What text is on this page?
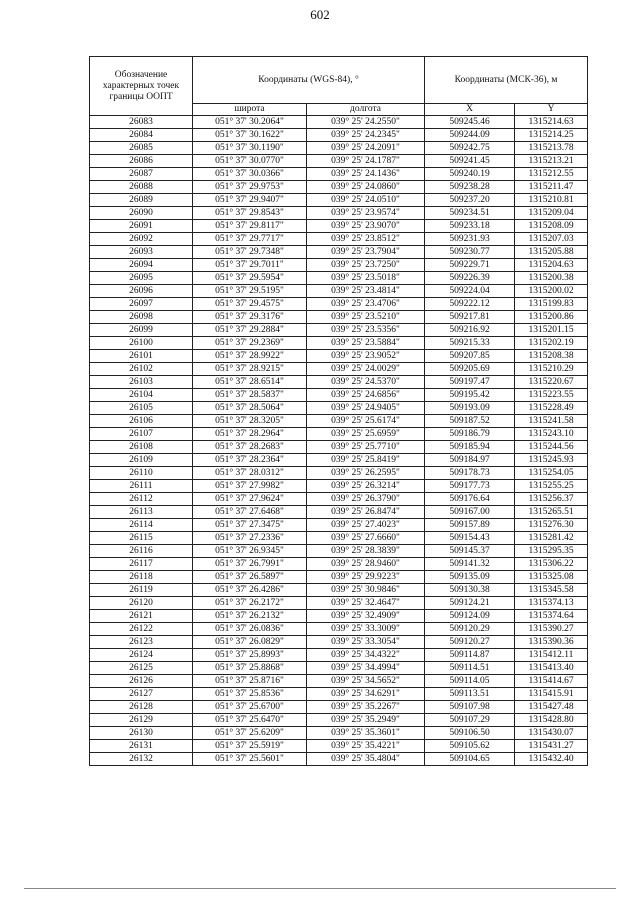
602
Обозначение характерных точек границы ООПТ	Координаты (WGS-84), °		Координаты (МСК-36), м	
	широта	долгота	X	Y
26083	051° 37' 30.2064"	039° 25' 24.2550"	509245.46	1315214.63
26084	051° 37' 30.1622"	039° 25' 24.2345"	509244.09	1315214.25
26085	051° 37' 30.1190"	039° 25' 24.2091"	509242.75	1315213.78
26086	051° 37' 30.0770"	039° 25' 24.1787"	509241.45	1315213.21
26087	051° 37' 30.0366"	039° 25' 24.1436"	509240.19	1315212.55
26088	051° 37' 29.9753"	039° 25' 24.0860"	509238.28	1315211.47
26089	051° 37' 29.9407"	039° 25' 24.0510"	509237.20	1315210.81
26090	051° 37' 29.8543"	039° 25' 23.9574"	509234.51	1315209.04
26091	051° 37' 29.8117"	039° 25' 23.9070"	509233.18	1315208.09
26092	051° 37' 29.7717"	039° 25' 23.8512"	509231.93	1315207.03
26093	051° 37' 29.7348"	039° 25' 23.7904"	509230.77	1315205.88
26094	051° 37' 29.7011"	039° 25' 23.7250"	509229.71	1315204.63
26095	051° 37' 29.5954"	039° 25' 23.5018"	509226.39	1315200.38
26096	051° 37' 29.5195"	039° 25' 23.4814"	509224.04	1315200.02
26097	051° 37' 29.4575"	039° 25' 23.4706"	509222.12	1315199.83
26098	051° 37' 29.3176"	039° 25' 23.5210"	509217.81	1315200.86
26099	051° 37' 29.2884"	039° 25' 23.5356"	509216.92	1315201.15
26100	051° 37' 29.2369"	039° 25' 23.5884"	509215.33	1315202.19
26101	051° 37' 28.9922"	039° 25' 23.9052"	509207.85	1315208.38
26102	051° 37' 28.9215"	039° 25' 24.0029"	509205.69	1315210.29
26103	051° 37' 28.6514"	039° 25' 24.5370"	509197.47	1315220.67
26104	051° 37' 28.5837"	039° 25' 24.6856"	509195.42	1315223.55
26105	051° 37' 28.5064"	039° 25' 24.9405"	509193.09	1315228.49
26106	051° 37' 28.3205"	039° 25' 25.6174"	509187.52	1315241.58
26107	051° 37' 28.2964"	039° 25' 25.6959"	509186.79	1315243.10
26108	051° 37' 28.2683"	039° 25' 25.7710"	509185.94	1315244.56
26109	051° 37' 28.2364"	039° 25' 25.8419"	509184.97	1315245.93
26110	051° 37' 28.0312"	039° 25' 26.2595"	509178.73	1315254.05
26111	051° 37' 27.9982"	039° 25' 26.3214"	509177.73	1315255.25
26112	051° 37' 27.9624"	039° 25' 26.3790"	509176.64	1315256.37
26113	051° 37' 27.6468"	039° 25' 26.8474"	509167.00	1315265.51
26114	051° 37' 27.3475"	039° 25' 27.4023"	509157.89	1315276.30
26115	051° 37' 27.2336"	039° 25' 27.6660"	509154.43	1315281.42
26116	051° 37' 26.9345"	039° 25' 28.3839"	509145.37	1315295.35
26117	051° 37' 26.7991"	039° 25' 28.9460"	509141.32	1315306.22
26118	051° 37' 26.5897"	039° 25' 29.9223"	509135.09	1315325.08
26119	051° 37' 26.4286"	039° 25' 30.9846"	509130.38	1315345.58
26120	051° 37' 26.2172"	039° 25' 32.4647"	509124.21	1315374.13
26121	051° 37' 26.2132"	039° 25' 32.4909"	509124.09	1315374.64
26122	051° 37' 26.0836"	039° 25' 33.3009"	509120.29	1315390.27
26123	051° 37' 26.0829"	039° 25' 33.3054"	509120.27	1315390.36
26124	051° 37' 25.8993"	039° 25' 34.4322"	509114.87	1315412.11
26125	051° 37' 25.8868"	039° 25' 34.4994"	509114.51	1315413.40
26126	051° 37' 25.8716"	039° 25' 34.5652"	509114.05	1315414.67
26127	051° 37' 25.8536"	039° 25' 34.6291"	509113.51	1315415.91
26128	051° 37' 25.6700"	039° 25' 35.2267"	509107.98	1315427.48
26129	051° 37' 25.6470"	039° 25' 35.2949"	509107.29	1315428.80
26130	051° 37' 25.6209"	039° 25' 35.3601"	509106.50	1315430.07
26131	051° 37' 25.5919"	039° 25' 35.4221"	509105.62	1315431.27
26132	051° 37' 25.5601"	039° 25' 35.4804"	509104.65	1315432.40
